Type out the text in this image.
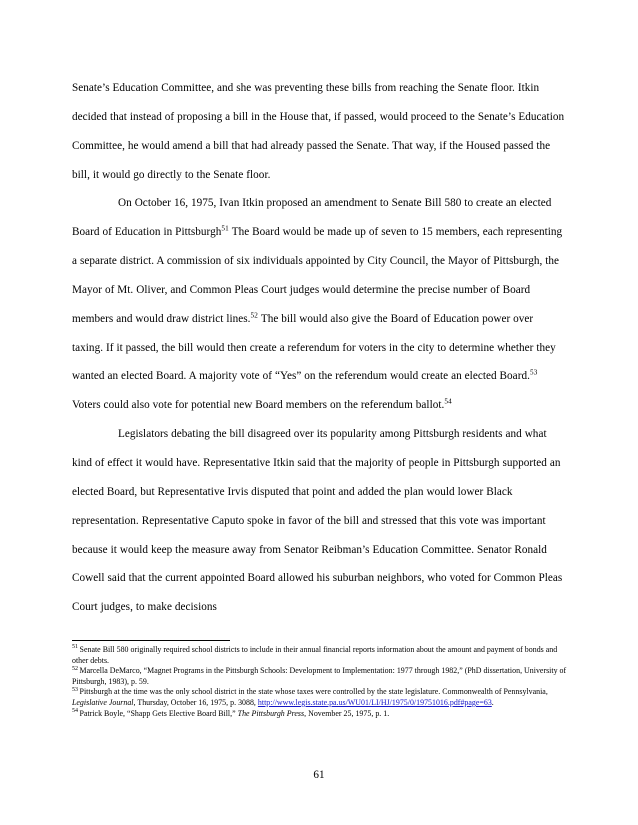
Senate’s Education Committee, and she was preventing these bills from reaching the Senate floor. Itkin decided that instead of proposing a bill in the House that, if passed, would proceed to the Senate’s Education Committee, he would amend a bill that had already passed the Senate. That way, if the Housed passed the bill, it would go directly to the Senate floor.

On October 16, 1975, Ivan Itkin proposed an amendment to Senate Bill 580 to create an elected Board of Education in Pittsburgh$^{51}$ The Board would be made up of seven to 15 members, each representing a separate district. A commission of six individuals appointed by City Council, the Mayor of Pittsburgh, the Mayor of Mt. Oliver, and Common Pleas Court judges would determine the precise number of Board members and would draw district lines.$^{52}$ The bill would also give the Board of Education power over taxing. If it passed, the bill would then create a referendum for voters in the city to determine whether they wanted an elected Board. A majority vote of “Yes” on the referendum would create an elected Board.$^{53}$ Voters could also vote for potential new Board members on the referendum ballot.$^{54}$

Legislators debating the bill disagreed over its popularity among Pittsburgh residents and what kind of effect it would have. Representative Itkin said that the majority of people in Pittsburgh supported an elected Board, but Representative Irvis disputed that point and added the plan would lower Black representation. Representative Caputo spoke in favor of the bill and stressed that this vote was important because it would keep the measure away from Senator Reibman’s Education Committee. Senator Ronald Cowell said that the current appointed Board allowed his suburban neighbors, who voted for Common Pleas Court judges, to make decisions

$^{51}$ Senate Bill 580 originally required school districts to include in their annual financial reports information about the amount and payment of bonds and other debts.

$^{52}$ Marcella DeMarco, “Magnet Programs in the Pittsburgh Schools: Development to Implementation: 1977 through 1982,” (PhD dissertation, University of Pittsburgh, 1983), p. 59.

$^{53}$ Pittsburgh at the time was the only school district in the state whose taxes were controlled by the state legislature. Commonwealth of Pennsylvania, Legislative Journal, Thursday, October 16, 1975, p. 3088, http://www.legis.state.pa.us/WU01/LI/HJ/1975/0/19751016.pdf#page=63.

$^{54}$ Patrick Boyle, “Shapp Gets Elective Board Bill,” The Pittsburgh Press, November 25, 1975, p. 1.

61
